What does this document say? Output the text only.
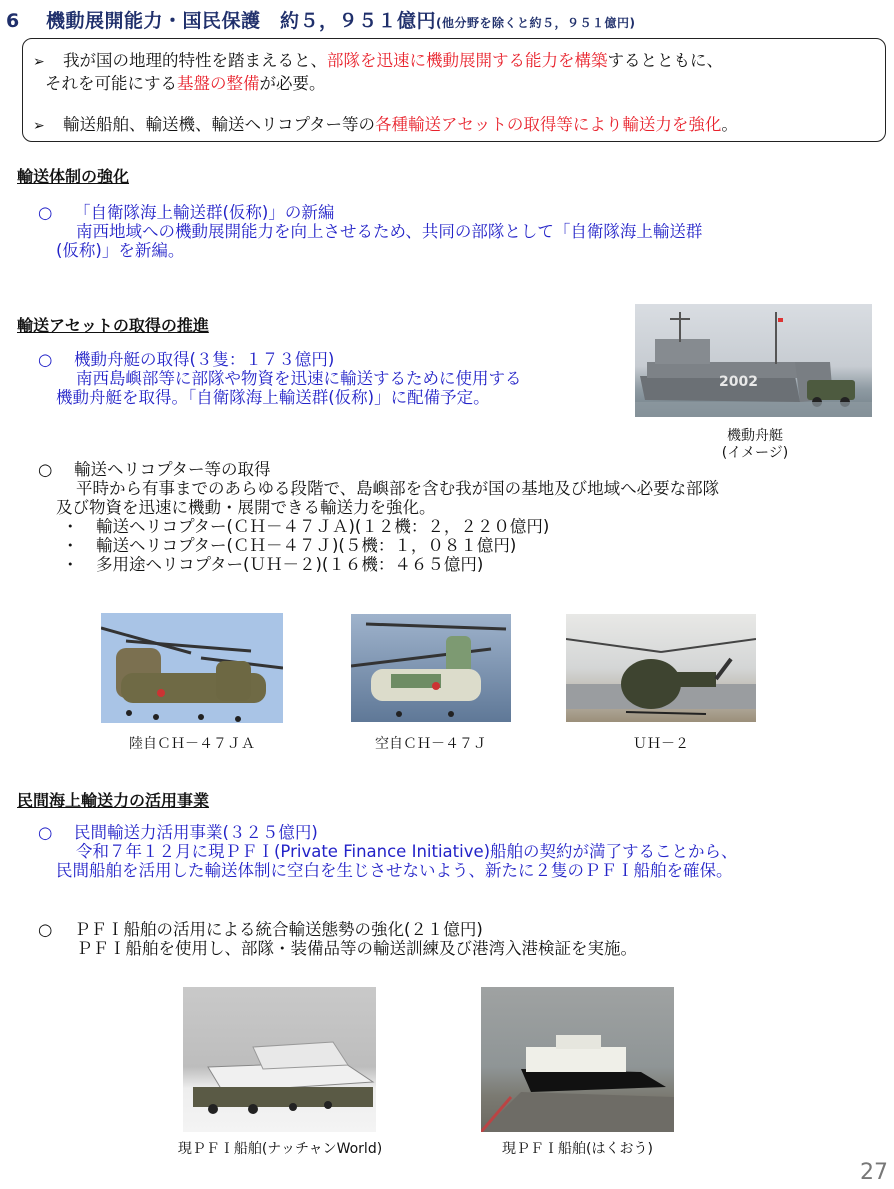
6 機動展開能力・国民保護　約５，９５１億円(他分野を除くと約５，９５１億円)
➢ 我が国の地理的特性を踏まえると、部隊を迅速に機動展開する能力を構築するとともに、
それを可能にする基盤の整備が必要。
➢ 輸送船舶、輸送機、輸送ヘリコプター等の各種輸送アセットの取得等により輸送力を強化。
輸送体制の強化
○ 「自衛隊海上輸送群(仮称)」の新編
南西地域への機動展開能力を向上させるため、共同の部隊として「自衛隊海上輸送群
(仮称)」を新編。
輸送アセットの取得の推進
○ 機動舟艇の取得(３隻：１７３億円)
南西島嶼部等に部隊や物資を迅速に輸送するために使用する
機動舟艇を取得。「自衛隊海上輸送群(仮称)」に配備予定。
2002
機動舟艇
(イメージ)
○ 輸送ヘリコプター等の取得
平時から有事までのあらゆる段階で、島嶼部を含む我が国の基地及び地域へ必要な部隊
及び物資を迅速に機動・展開できる輸送力を強化。
・ 輸送ヘリコプター(ＣＨ－４７ＪＡ)(１２機：２，２２０億円)
・ 輸送ヘリコプター(ＣＨ－４７Ｊ)(５機：１，０８１億円)
・ 多用途ヘリコプター(ＵＨ－２)(１６機：４６５億円)
陸自ＣＨ－４７ＪＡ	空自ＣＨ－４７Ｊ	ＵＨ－２
民間海上輸送力の活用事業
○ 民間輸送力活用事業(３２５億円)
令和７年１２月に現ＰＦＩ(Private Finance Initiative)船舶の契約が満了することから、
民間船舶を活用した輸送体制に空白を生じさせないよう、新たに２隻のＰＦＩ船舶を確保。
○ ＰＦＩ船舶の活用による統合輸送態勢の強化(２１億円)
ＰＦＩ船舶を使用し、部隊・装備品等の輸送訓練及び港湾入港検証を実施。
現ＰＦＩ船舶(ナッチャンWorld)	現ＰＦＩ船舶(はくおう)
27
